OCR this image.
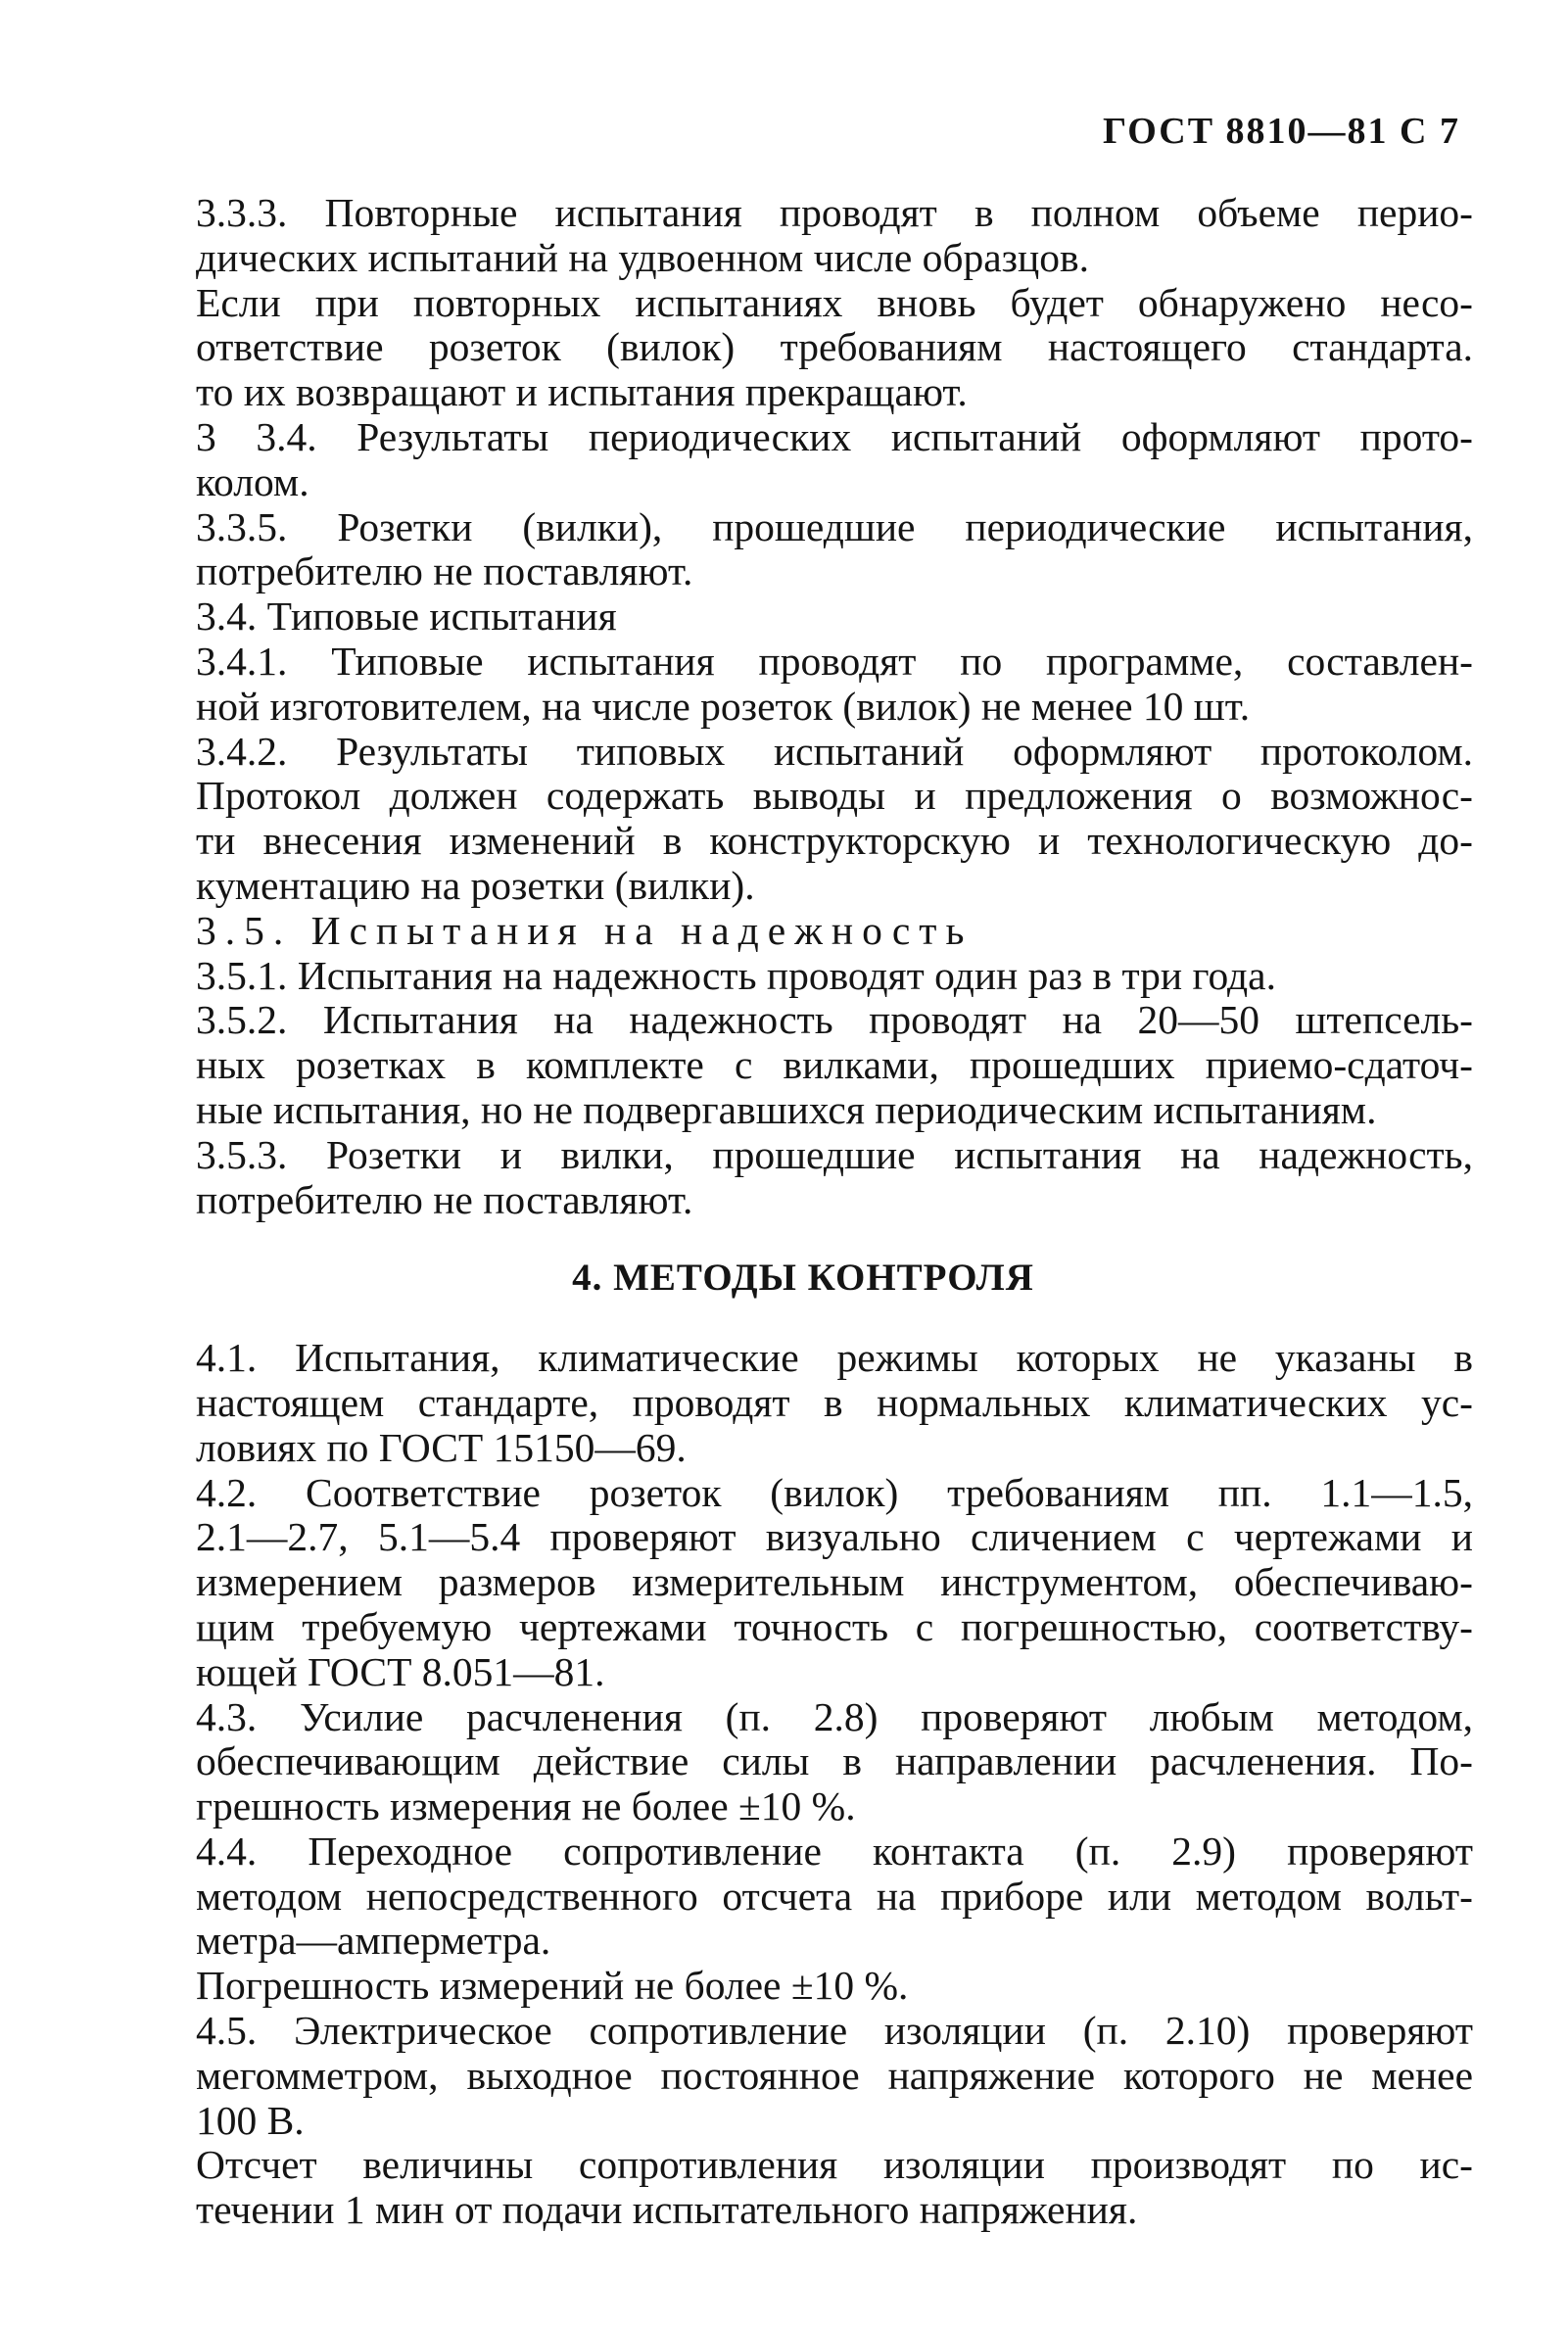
ГОСТ 8810—81 С 7
3.3.3. Повторные испытания проводят в полном объеме перио-
дических испытаний на удвоенном числе образцов.
Если при повторных испытаниях вновь будет обнаружено несо-
ответствие розеток (вилок) требованиям настоящего стандарта.
то их возвращают и испытания прекращают.
3 3.4. Результаты периодических испытаний оформляют прото-
колом.
3.3.5. Розетки (вилки), прошедшие периодические испытания,
потребителю не поставляют.
3.4. Типовые испытания
3.4.1. Типовые испытания проводят по программе, составлен-
ной изготовителем, на числе розеток (вилок) не менее 10 шт.
3.4.2. Результаты типовых испытаний оформляют протоколом.
Протокол должен содержать выводы и предложения о возможнос-
ти внесения изменений в конструкторскую и технологическую до-
кументацию на розетки (вилки).
3.5. Испытания на надежность
3.5.1. Испытания на надежность проводят один раз в три года.
3.5.2. Испытания на надежность проводят на 20—50 штепсель-
ных розетках в комплекте с вилками, прошедших приемо-сдаточ-
ные испытания, но не подвергавшихся периодическим испытаниям.
3.5.3. Розетки и вилки, прошедшие испытания на надежность,
потребителю не поставляют.
4. МЕТОДЫ КОНТРОЛЯ
4.1. Испытания, климатические режимы которых не указаны в
настоящем стандарте, проводят в нормальных климатических ус-
ловиях по ГОСТ 15150—69.
4.2. Соответствие розеток (вилок) требованиям пп. 1.1—1.5,
2.1—2.7, 5.1—5.4 проверяют визуально сличением с чертежами и
измерением размеров измерительным инструментом, обеспечиваю-
щим требуемую чертежами точность с погрешностью, соответству-
ющей ГОСТ 8.051—81.
4.3. Усилие расчленения (п. 2.8) проверяют любым методом,
обеспечивающим действие силы в направлении расчленения. По-
грешность измерения не более ±10 %.
4.4. Переходное сопротивление контакта (п. 2.9) проверяют
методом непосредственного отсчета на приборе или методом вольт-
метра—амперметра.
Погрешность измерений не более ±10 %.
4.5. Электрическое сопротивление изоляции (п. 2.10) проверяют
мегомметром, выходное постоянное напряжение которого не менее
100 В.
Отсчет величины сопротивления изоляции производят по ис-
течении 1 мин от подачи испытательного напряжения.
